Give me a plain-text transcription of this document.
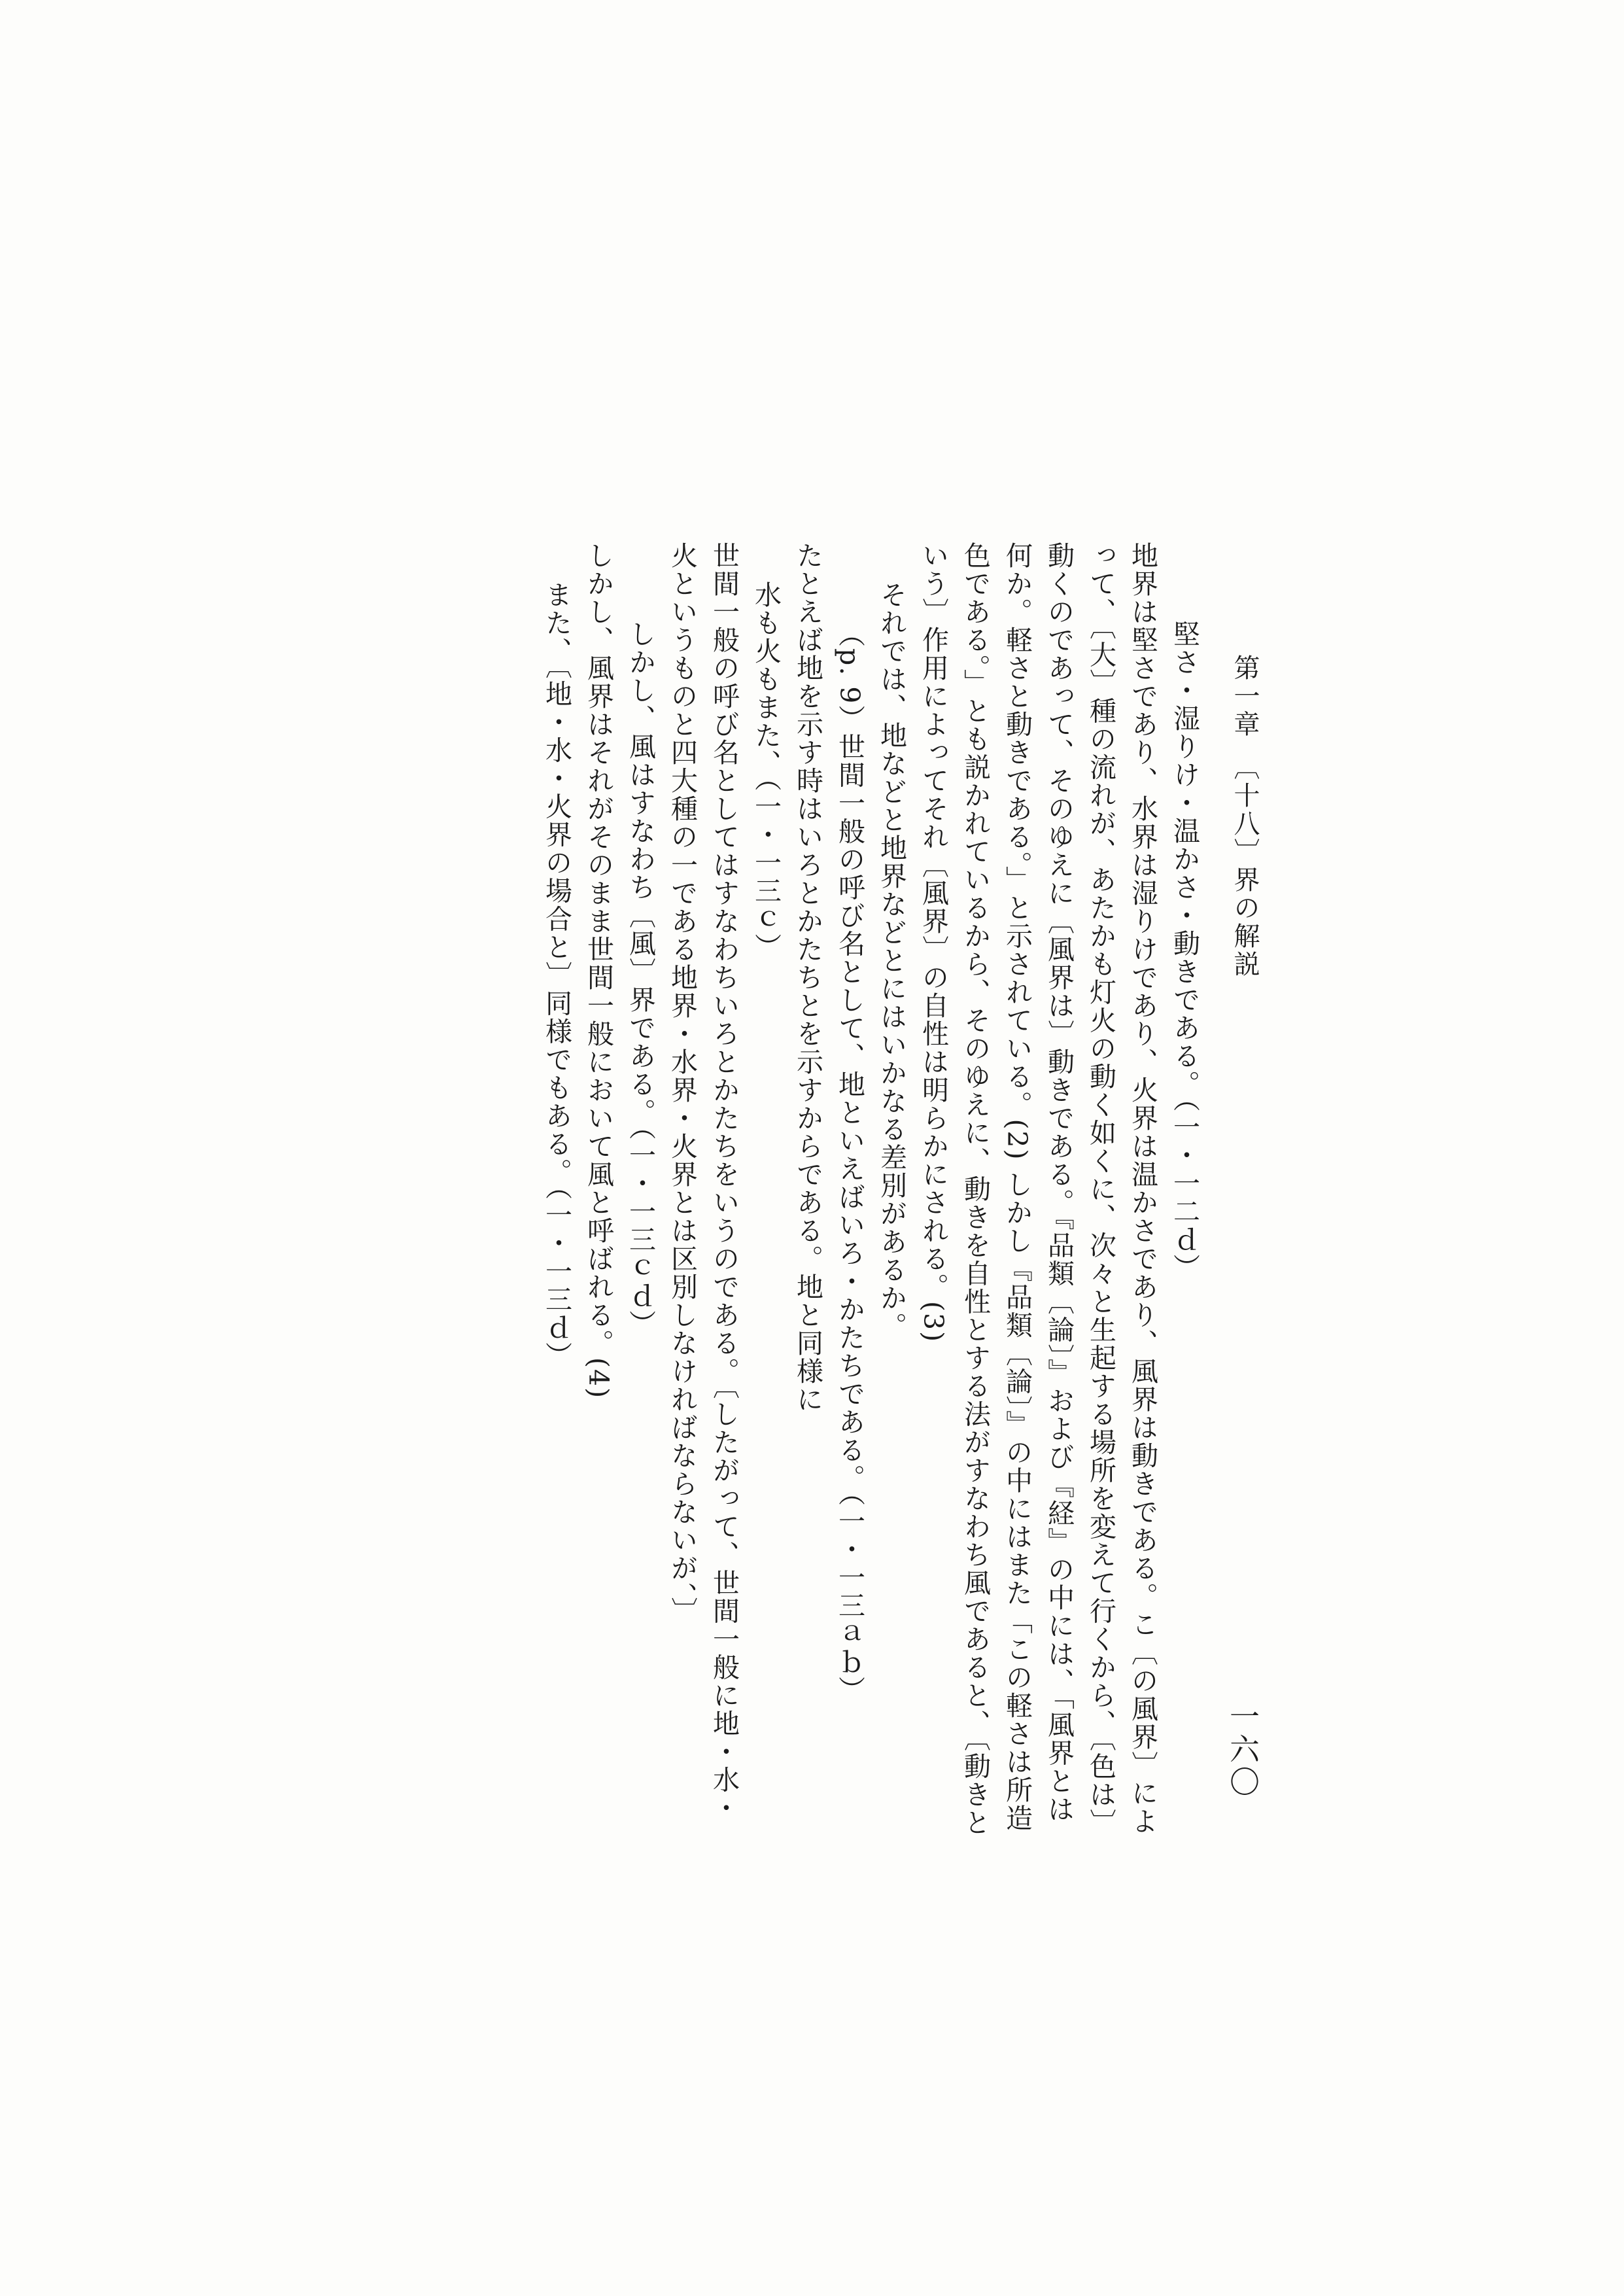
第一章　〔十八〕界の解説
一六〇

堅さ・湿りけ・温かさ・動きである。（一・一二ｄ）

地界は堅さであり、水界は湿りけであり、火界は温かさであり、風界は動きである。こ〔の風界〕によって、〔大〕種の流れが、あたかも灯火の動く如くに、次々と生起する場所を変えて行くから、〔色は〕動くのであって、そのゆえに〔風界は〕動きである。『品類〔論〕』および『経』の中には、「風界とは何か。軽さと動きである。」と示されている。(2) しかし『品類〔論〕』の中にはまた「この軽さは所造色である。」とも説かれているから、そのゆえに、動きを自性とする法がすなわち風であると、〔動きという〕作用によってそれ〔風界〕の自性は明らかにされる。(3)

それでは、地などと地界などとにはいかなる差別があるか。

（p. 9）世間一般の呼び名として、地といえばいろ・かたちである。（一・一三ａｂ）

たとえば地を示す時はいろとかたちとを示すからである。地と同様に

水も火もまた、（一・一三ｃ）

世間一般の呼び名としてはすなわちいろとかたちをいうのである。〔したがって、世間一般に地・水・火というものと四大種の一である地界・水界・火界とは区別しなければならないが、〕

しかし、風はすなわち〔風〕界である。（一・一三ｃｄ）

しかし、風界はそれがそのまま世間一般において風と呼ばれる。(4)

また、〔地・水・火界の場合と〕同様でもある。（一・一三ｄ）
